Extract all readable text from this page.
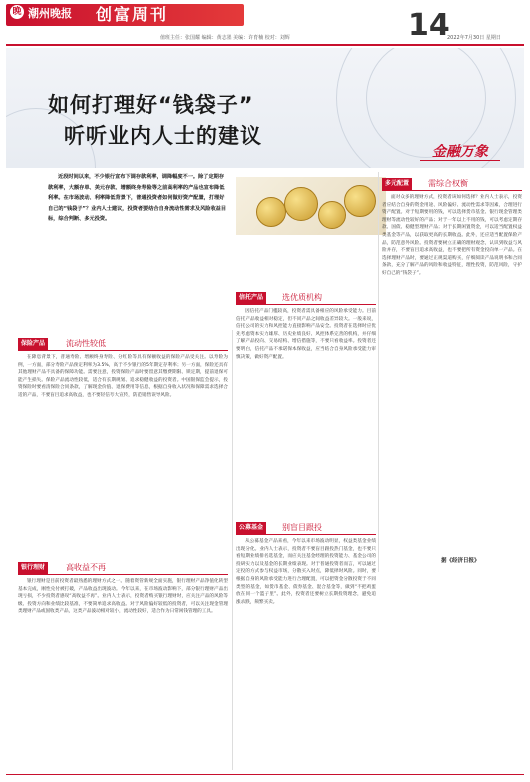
晚 潮州晚报 创富周刊
值班主任：张国耀 编辑：黄志墨 美编：许育楠 校对：刘辉	14
2022年7月30日 星期日
如何打理好“钱袋子”
听听业内人士的建议
金融万象
近段时间以来，不少银行宣布下调存款利率，调降幅度不一。除了定期存款利率，大额存单、美元存款、增额终身寿险等之前高利率的产品也宣布降低利率。在市场波动、利率降低背景下，普通投资者如何做好资产配置，打理好自己的“钱袋子”？业内人士建议，投资者要结合自身流动性需求及风险收益目标，综合判断、多元投资。
保险产品	流动性较低
在降息背景下，普通寿险、增额终身寿险、分红险等具有保额收益的保险产品受关注。以寿险为例，一方面，部分寿险产品预定利率为3.5%，高于不少银行的5年期定存利率；另一方面，保险还具有其他理财产品不具备的保障功能。需要注意，投资保险产品时要留意其缴费期限、锁定期，提前退保可能产生损失。保险产品流动性较低，适合有长期规划、追求稳健收益的投资者。中国银保监会提示，投资保险时要看清保险合同条款，了解现金价值、退保费用等信息，根据自身收入状况和保障需求选择合适的产品，不要盲目追求高收益，也不要轻信夸大宣传，防范销售误导风险。
银行理财	高收益不再
银行理财是目前投资者最熟悉的理财方式之一。随着资管新规全面实施，银行理财产品净值化转型基本完成，刚性兑付被打破，产品收益出现波动。今年以来，在市场波动影响下，部分银行理财产品出现亏损，不少投资者感叹“高收益不再”。业内人士表示，投资者购买银行理财时，应关注产品的风险等级、投资方向和业绩比较基准，不要简单追求高收益。对于风险偏好较低的投资者，可以关注现金管理类理财产品或固收类产品，这类产品波动相对较小，流动性较好，适合作为日常闲钱管理的工具。
信托产品	选优质机构
因信托产品门槛较高，投资者需具备相应的风险承受能力。目前信托产品收益相对稳定，但不同产品之间收益差异较大。一般来说，信托公司的实力和风控能力直接影响产品安全。投资者在选择时应优先考虑资本实力雄厚、历史业绩良好、风控体系完善的机构，并仔细了解产品投向、交易结构、增信措施等，不要只看收益率。投资者还要明白，信托产品不承诺保本保收益，应当结合自身风险承受能力审慎决策，做好资产配置。
公募基金	别盲目跟投
从公募基金产品来看，今年以来市场波动明显，权益类基金业绩出现分化。业内人士表示，投资者不要盲目跟投热门基金，也不要只看短期业绩排名选基金，而应关注基金经理的投资能力、基金公司的投研实力以及基金的长期业绩表现。对于普通投资者而言，可以通过定投的方式参与权益市场，分散买入时点，降低择时风险。同时，要根据自身的风险承受能力进行合理配置，可以把资金分散投资于不同类型的基金，如货币基金、债券基金、混合基金等，做到“不把鸡蛋放在同一个篮子里”。此外，投资者还要树立长期投资理念，避免追涨杀跌，频繁买卖。
多元配置	需综合权衡
面对众多的理财方式，投资者该如何选择？业内人士表示，投资者应结合自身的资金用途、风险偏好、流动性需求等因素，合理进行资产配置。对于短期要用的钱，可以选择货币基金、银行现金管理类理财等流动性较好的产品；对于一年以上不用的钱，可以考虑定期存款、国债、稳健型理财产品；对于长期闲置资金，可以适当配置权益类基金等产品，以获取更高的长期收益。此外，还应适当配置保险产品，防范意外风险。投资者要树立正确的理财观念，认识到收益与风险并存，不要盲目追求高收益，也不要把所有资金投向单一产品。在选择理财产品时，要通过正规渠道购买，仔细阅读产品说明书和合同条款，充分了解产品的风险和收益特征，理性投资，防范风险，守护好自己的“钱袋子”。
据《经济日报》
